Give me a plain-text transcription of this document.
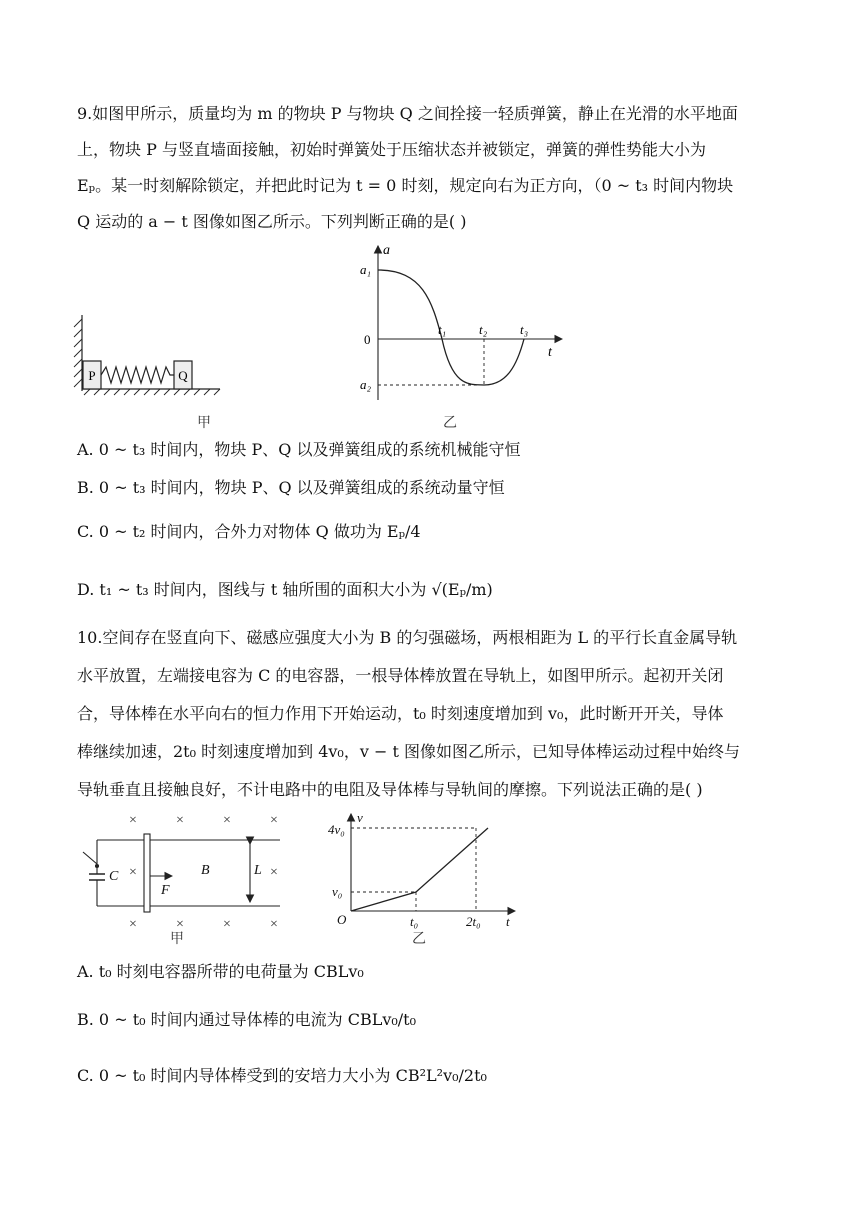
9.如图甲所示，质量均为 m 的物块 P 与物块 Q 之间拴接一轻质弹簧，静止在光滑的水平地面
上，物块 P 与竖直墙面接触，初始时弹簧处于压缩状态并被锁定，弹簧的弹性势能大小为
Eₚ。某一时刻解除锁定，并把此时记为 t = 0 时刻，规定向右为正方向，（0 ~ t₃ 时间内物块
Q 运动的 a − t 图像如图乙所示。下列判断正确的是( )
P	Q
甲
a
t
a₁
a₂
0
t₁	t₂	t₃
乙
A. 0 ~ t₃ 时间内，物块 P、Q 以及弹簧组成的系统机械能守恒
B. 0 ~ t₃ 时间内，物块 P、Q 以及弹簧组成的系统动量守恒
C. 0 ~ t₂ 时间内，合外力对物体 Q 做功为 Eₚ/4
D. t₁ ~ t₃ 时间内，图线与 t 轴所围的面积大小为 √(Eₚ/m)
10.空间存在竖直向下、磁感应强度大小为 B 的匀强磁场，两根相距为 L 的平行长直金属导轨
水平放置，左端接电容为 C 的电容器，一根导体棒放置在导轨上，如图甲所示。起初开关闭
合，导体棒在水平向右的恒力作用下开始运动，t₀ 时刻速度增加到 v₀，此时断开开关，导体
棒继续加速，2t₀ 时刻速度增加到 4v₀，v − t 图像如图乙所示，已知导体棒运动过程中始终与
导轨垂直且接触良好，不计电路中的电阻及导体棒与导轨间的摩擦。下列说法正确的是( )
×	×	×	×
×	×
×	×	×	×
C
F
B	L
甲
v
t
O
v₀
4v₀
t₀	2t₀
乙
A. t₀ 时刻电容器所带的电荷量为 CBLv₀
B. 0 ~ t₀ 时间内通过导体棒的电流为 CBLv₀/t₀
C. 0 ~ t₀ 时间内导体棒受到的安培力大小为 CB²L²v₀/2t₀
